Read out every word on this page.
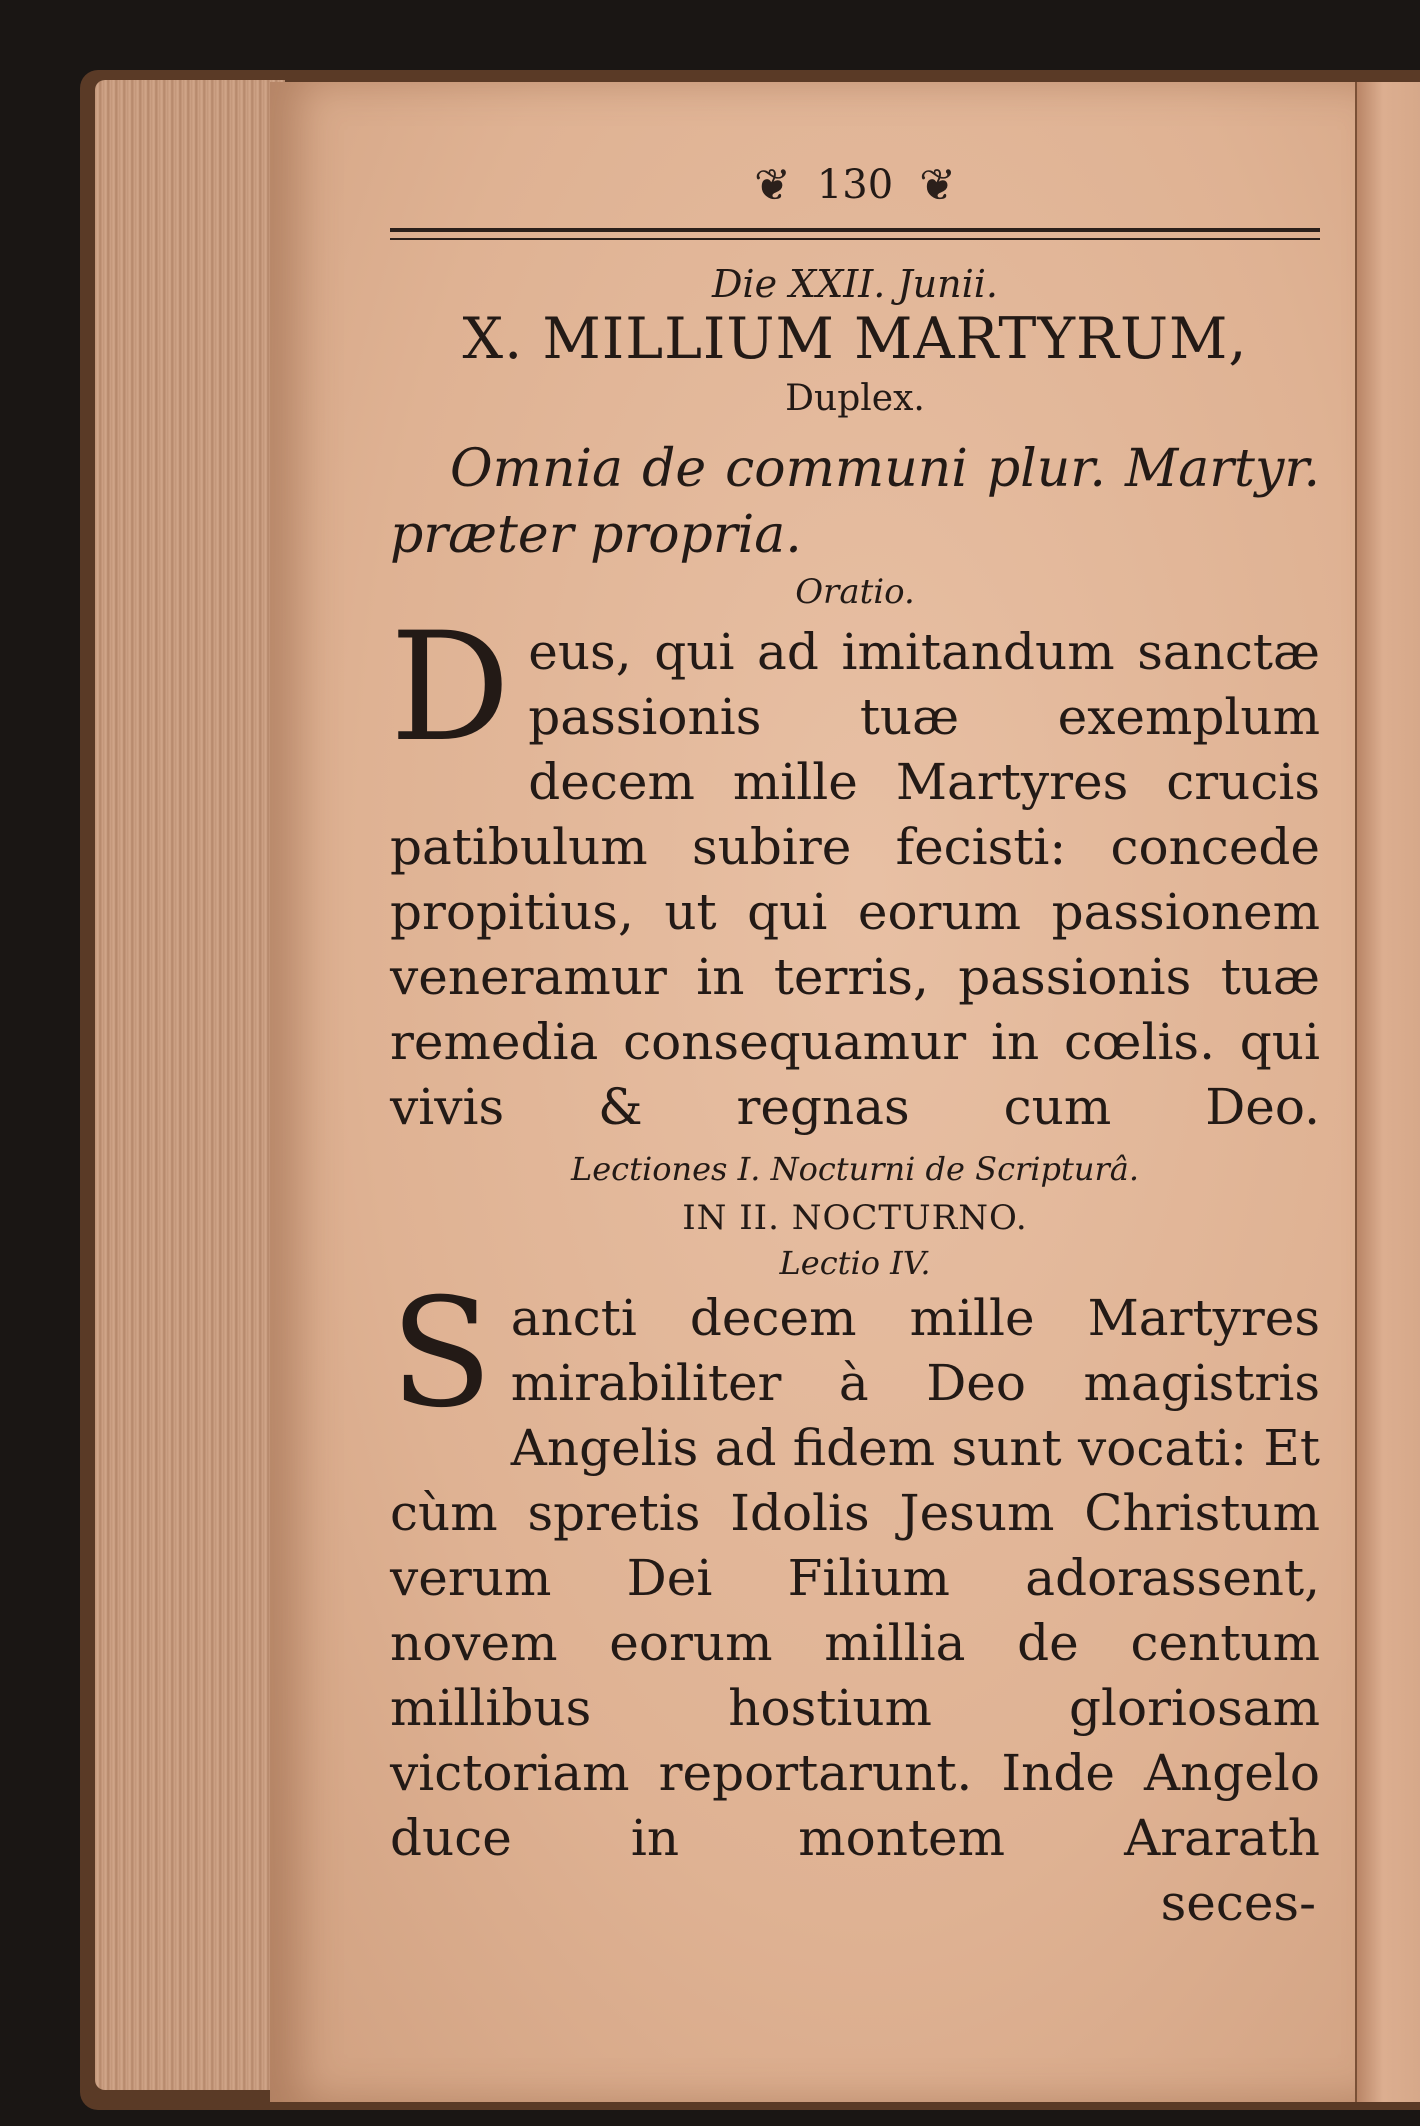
❦ 130 ❦
Die XXII. Junii.
X. MILLIUM MARTYRUM,
Duplex.
Omnia de communi plur. Martyr. præter propria.
Oratio.
D eus, qui ad imitandum sanctæ passionis tuæ exemplum decem mille Martyres crucis patibulum subire fecisti: concede propitius, ut qui eorum passionem veneramur in terris, passionis tuæ remedia consequamur in cœlis. qui vivis & regnas cum Deo.
Lectiones I. Nocturni de Scripturâ.
IN II. NOCTURNO.
Lectio IV.
S ancti decem mille Martyres mirabiliter à Deo magistris Angelis ad fidem sunt vocati: Et cùm spretis Idolis Jesum Christum verum Dei Filium adorassent, novem eorum millia de centum millibus hostium gloriosam victoriam reportarunt. Inde Angelo duce in montem Ararath
seces-
